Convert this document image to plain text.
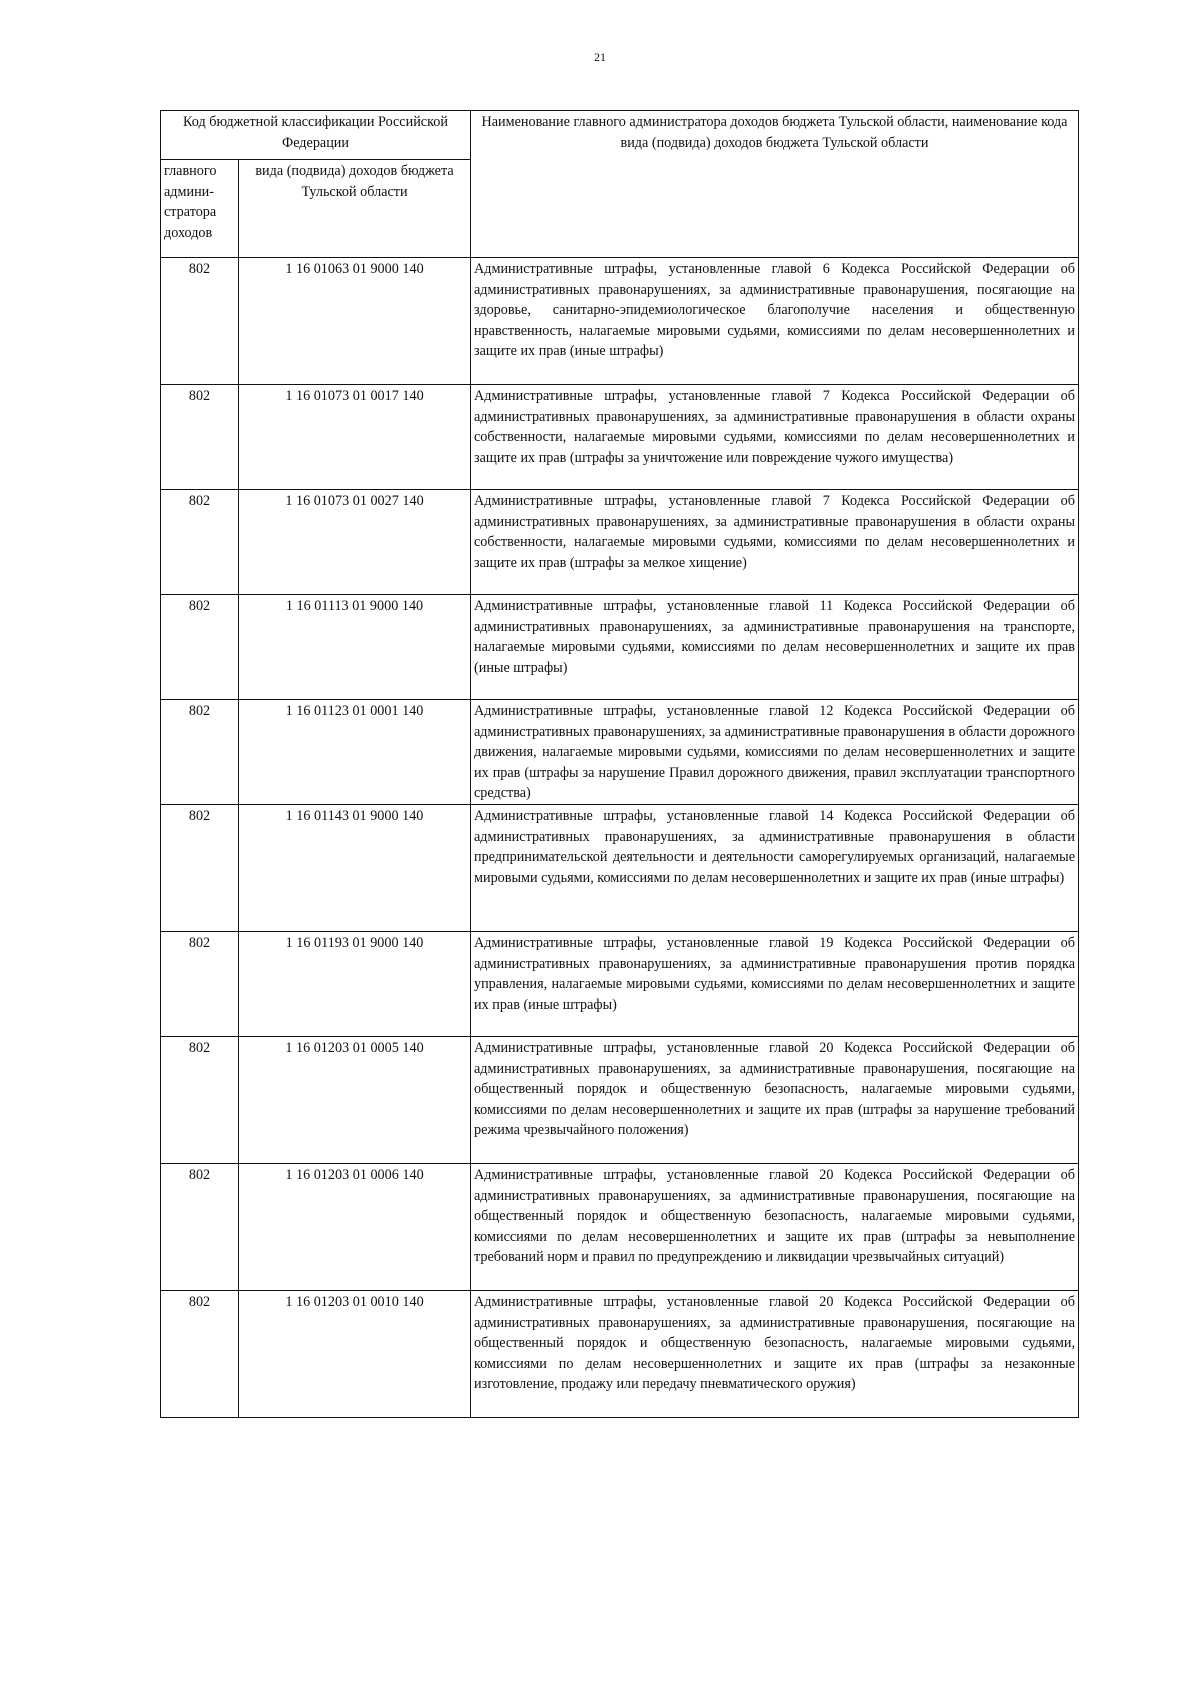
21
Код бюджетной классификации Российской Федерации		Наименование главного администратора доходов бюджета Тульской области, наименование кода вида (подвида) доходов бюджета Тульской области
главного админи-стратора доходов	вида (подвида) доходов бюджета Тульской области	
802	1 16 01063 01 9000 140	Административные штрафы, установленные главой 6 Кодекса Российской Федерации об административных правонарушениях, за административные правонарушения, посягающие на здоровье, санитарно-эпидемиологическое благополучие населения и общественную нравственность, налагаемые мировыми судьями, комиссиями по делам несовершеннолетних и защите их прав (иные штрафы)
802	1 16 01073 01 0017 140	Административные штрафы, установленные главой 7 Кодекса Российской Федерации об административных правонарушениях, за административные правонарушения в области охраны собственности, налагаемые мировыми судьями, комиссиями по делам несовершеннолетних и защите их прав (штрафы за уничтожение или повреждение чужого имущества)
802	1 16 01073 01 0027 140	Административные штрафы, установленные главой 7 Кодекса Российской Федерации об административных правонарушениях, за административные правонарушения в области охраны собственности, налагаемые мировыми судьями, комиссиями по делам несовершеннолетних и защите их прав (штрафы за мелкое хищение)
802	1 16 01113 01 9000 140	Административные штрафы, установленные главой 11 Кодекса Российской Федерации об административных правонарушениях, за административные правонарушения на транспорте, налагаемые мировыми судьями, комиссиями по делам несовершеннолетних и защите их прав (иные штрафы)
802	1 16 01123 01 0001 140	Административные штрафы, установленные главой 12 Кодекса Российской Федерации об административных правонарушениях, за административные правонарушения в области дорожного движения, налагаемые мировыми судьями, комиссиями по делам несовершеннолетних и защите их прав (штрафы за нарушение Правил дорожного движения, правил эксплуатации транспортного средства)

802	1 16 01143 01 9000 140	Административные штрафы, установленные главой 14 Кодекса Российской Федерации об административных правонарушениях, за административные правонарушения в области предпринимательской деятельности и деятельности саморегулируемых организаций, налагаемые мировыми судьями, комиссиями по делам несовершеннолетних и защите их прав (иные штрафы)
802	1 16 01193 01 9000 140	Административные штрафы, установленные главой 19 Кодекса Российской Федерации об административных правонарушениях, за административные правонарушения против порядка управления, налагаемые мировыми судьями, комиссиями по делам несовершеннолетних и защите их прав (иные штрафы)
802	1 16 01203 01 0005 140	Административные штрафы, установленные главой 20 Кодекса Российской Федерации об административных правонарушениях, за административные правонарушения, посягающие на общественный порядок и общественную безопасность, налагаемые мировыми судьями, комиссиями по делам несовершеннолетних и защите их прав (штрафы за нарушение требований режима чрезвычайного положения)
802	1 16 01203 01 0006 140	Административные штрафы, установленные главой 20 Кодекса Российской Федерации об административных правонарушениях, за административные правонарушения, посягающие на общественный порядок и общественную безопасность, налагаемые мировыми судьями, комиссиями по делам несовершеннолетних и защите их прав (штрафы за невыполнение требований норм и правил по предупреждению и ликвидации чрезвычайных ситуаций)
802	1 16 01203 01 0010 140	Административные штрафы, установленные главой 20 Кодекса Российской Федерации об административных правонарушениях, за административные правонарушения, посягающие на общественный порядок и общественную безопасность, налагаемые мировыми судьями, комиссиями по делам несовершеннолетних и защите их прав (штрафы за незаконные изготовление, продажу или передачу пневматического оружия)
